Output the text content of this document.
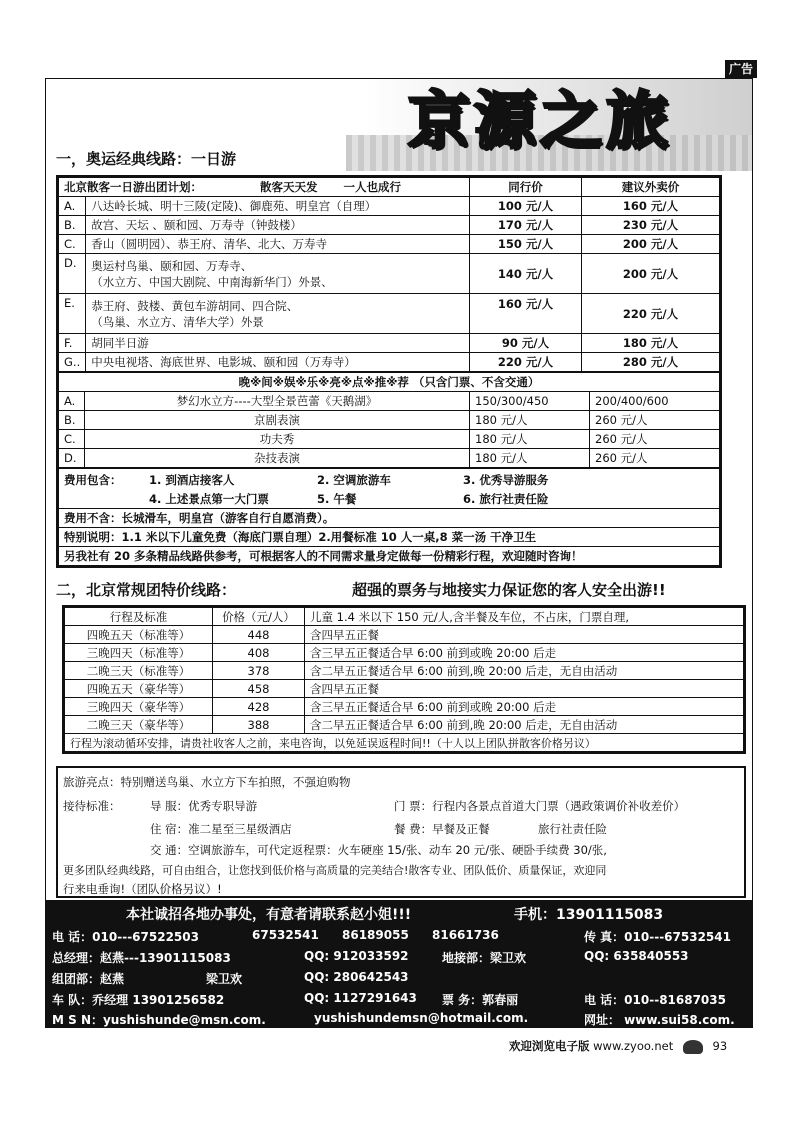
广告
京源之旅
一，奥运经典线路：一日游
北京散客一日游出团计划： 散客天天发 一人也成行		同行价	建议外卖价
A.	八达岭长城、明十三陵(定陵)、御鹿苑、明皇宫（自理）	100 元/人	160 元/人
B.	故宫、天坛 、颐和园、万寿寺（钟鼓楼）	170 元/人	230 元/人
C.	香山（圆明园）、恭王府、清华、北大、万寿寺	150 元/人	200 元/人
D.	奥运村鸟巢、颐和园、万寿寺、
（水立方、中国大剧院、中南海新华门）外景、	140 元/人	200 元/人
E.	恭王府、鼓楼、黄包车游胡同、四合院、
（鸟巢、水立方、清华大学）外景	160 元/人	220 元/人
F.	胡同半日游	90 元/人	180 元/人
G..	中央电视塔、海底世界、电影城、颐和园（万寿寺）	220 元/人	280 元/人
晚※间※娱※乐※亮※点※推※荐 （只含门票、不含交通）			
A.	梦幻水立方----大型全景芭蕾《天鹅湖》	150/300/450	200/400/600
B.	京剧表演	180 元/人	260 元/人
C.	功夫秀	180 元/人	260 元/人
D.	杂技表演	180 元/人	260 元/人
费用包含： 1. 到酒店接客人	2. 空调旅游车	3. 优秀导游服务
4. 上述景点第一大门票	5. 午餐	6. 旅行社责任险

费用不含：长城滑车，明皇宫（游客自行自愿消费）。
特别说明：1.1 米以下儿童免费（海底门票自理）2.用餐标准 10 人一桌,8 菜一汤 干净卫生
另我社有 20 多条精品线路供参考，可根据客人的不同需求量身定做每一份精彩行程，欢迎随时咨询！
二，北京常规团特价线路：	超强的票务与地接实力保证您的客人安全出游!!
行程及标准	价格（元/人）	儿童 1.4 米以下 150 元/人,含半餐及车位，不占床，门票自理,
四晚五天（标准等）	448	含四早五正餐
三晚四天（标准等）	408	含三早五正餐适合早 6:00 前到或晚 20:00 后走
二晚三天（标准等）	378	含二早五正餐适合早 6:00 前到,晚 20:00 后走，无自由活动
四晚五天（豪华等）	458	含四早五正餐
三晚四天（豪华等）	428	含三早五正餐适合早 6:00 前到或晚 20:00 后走
二晚三天（豪华等）	388	含二早五正餐适合早 6:00 前到,晚 20:00 后走，无自由活动
行程为滚动循环安排，请贵社收客人之前，来电咨询，以免延误返程时间!!（十人以上团队拼散客价格另议）		
旅游亮点：特别赠送鸟巢、水立方下车拍照，不强迫购物
接待标准：	导 服：优秀专职导游	门 票：行程内各景点首道大门票（遇政策调价补收差价）
住 宿：准二星至三星级酒店	餐 费：早餐及正餐	旅行社责任险
交 通：空调旅游车，可代定返程票：火车硬座 15/张、动车 20 元/张、硬卧手续费 30/张,
更多团队经典线路，可自由组合，让您找到低价格与高质量的完美结合!散客专业、团队低价、质量保证，欢迎同
行来电垂询!（团队价格另议）!
本社诚招各地办事处，有意者请联系赵小姐!!!	手机：13901115083
电 话：010---67522503	67532541 86189055 81661736	传 真：010---67532541
总经理：赵燕---13901115083	QQ: 912033592	地接部：梁卫欢	QQ: 635840553
组团部：赵燕	梁卫欢	QQ: 280642543
车 队：乔经理 13901256582	QQ: 1127291643 票 务：郭春丽	电 话：010--81687035
M S N：yushishunde@msn.com.	yushishundemsn@hotmail.com.	网址： www.sui58.com.
欢迎浏览电子版 www.zyoo.net	93
